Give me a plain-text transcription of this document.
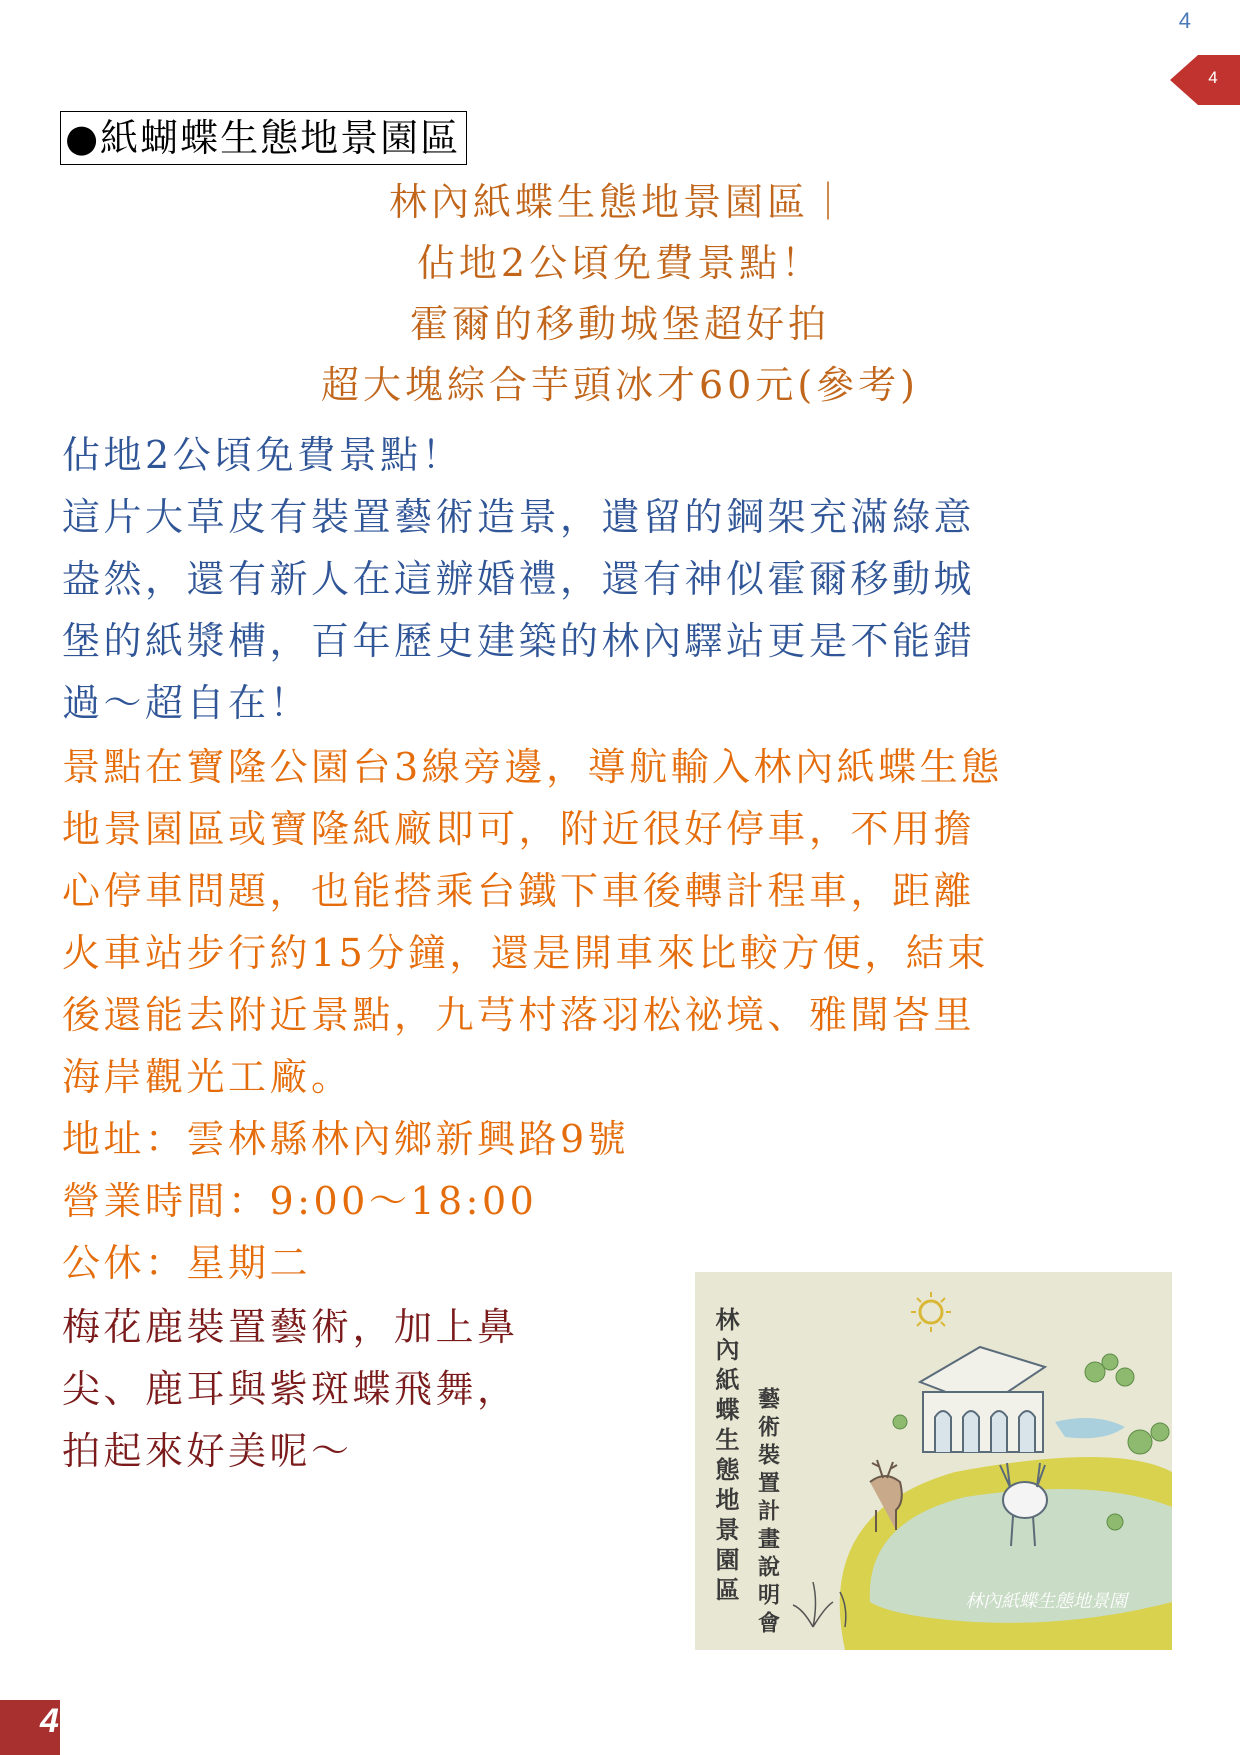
4
4
●紙蝴蝶生態地景園區
林內紙蝶生態地景園區｜
佔地2公頃免費景點！
霍爾的移動城堡超好拍
超大塊綜合芋頭冰才60元(參考)
佔地2公頃免費景點！
這片大草皮有裝置藝術造景，遺留的鋼架充滿綠意
盎然，還有新人在這辦婚禮，還有神似霍爾移動城
堡的紙漿槽，百年歷史建築的林內驛站更是不能錯
過～超自在！
景點在寶隆公園台3線旁邊，導航輸入林內紙蝶生態
地景園區或寶隆紙廠即可，附近很好停車，不用擔
心停車問題，也能搭乘台鐵下車後轉計程車，距離
火車站步行約15分鐘，還是開車來比較方便，結束
後還能去附近景點，九芎村落羽松祕境、雅聞峇里
海岸觀光工廠。
地址：雲林縣林內鄉新興路9號
營業時間：9:00～18:00
公休：星期二
梅花鹿裝置藝術，加上鼻
尖、鹿耳與紫斑蝶飛舞，
拍起來好美呢～	林內紙蝶生態地景園區 藝術裝置計畫說明會	林內紙蝶生態地景園
4
